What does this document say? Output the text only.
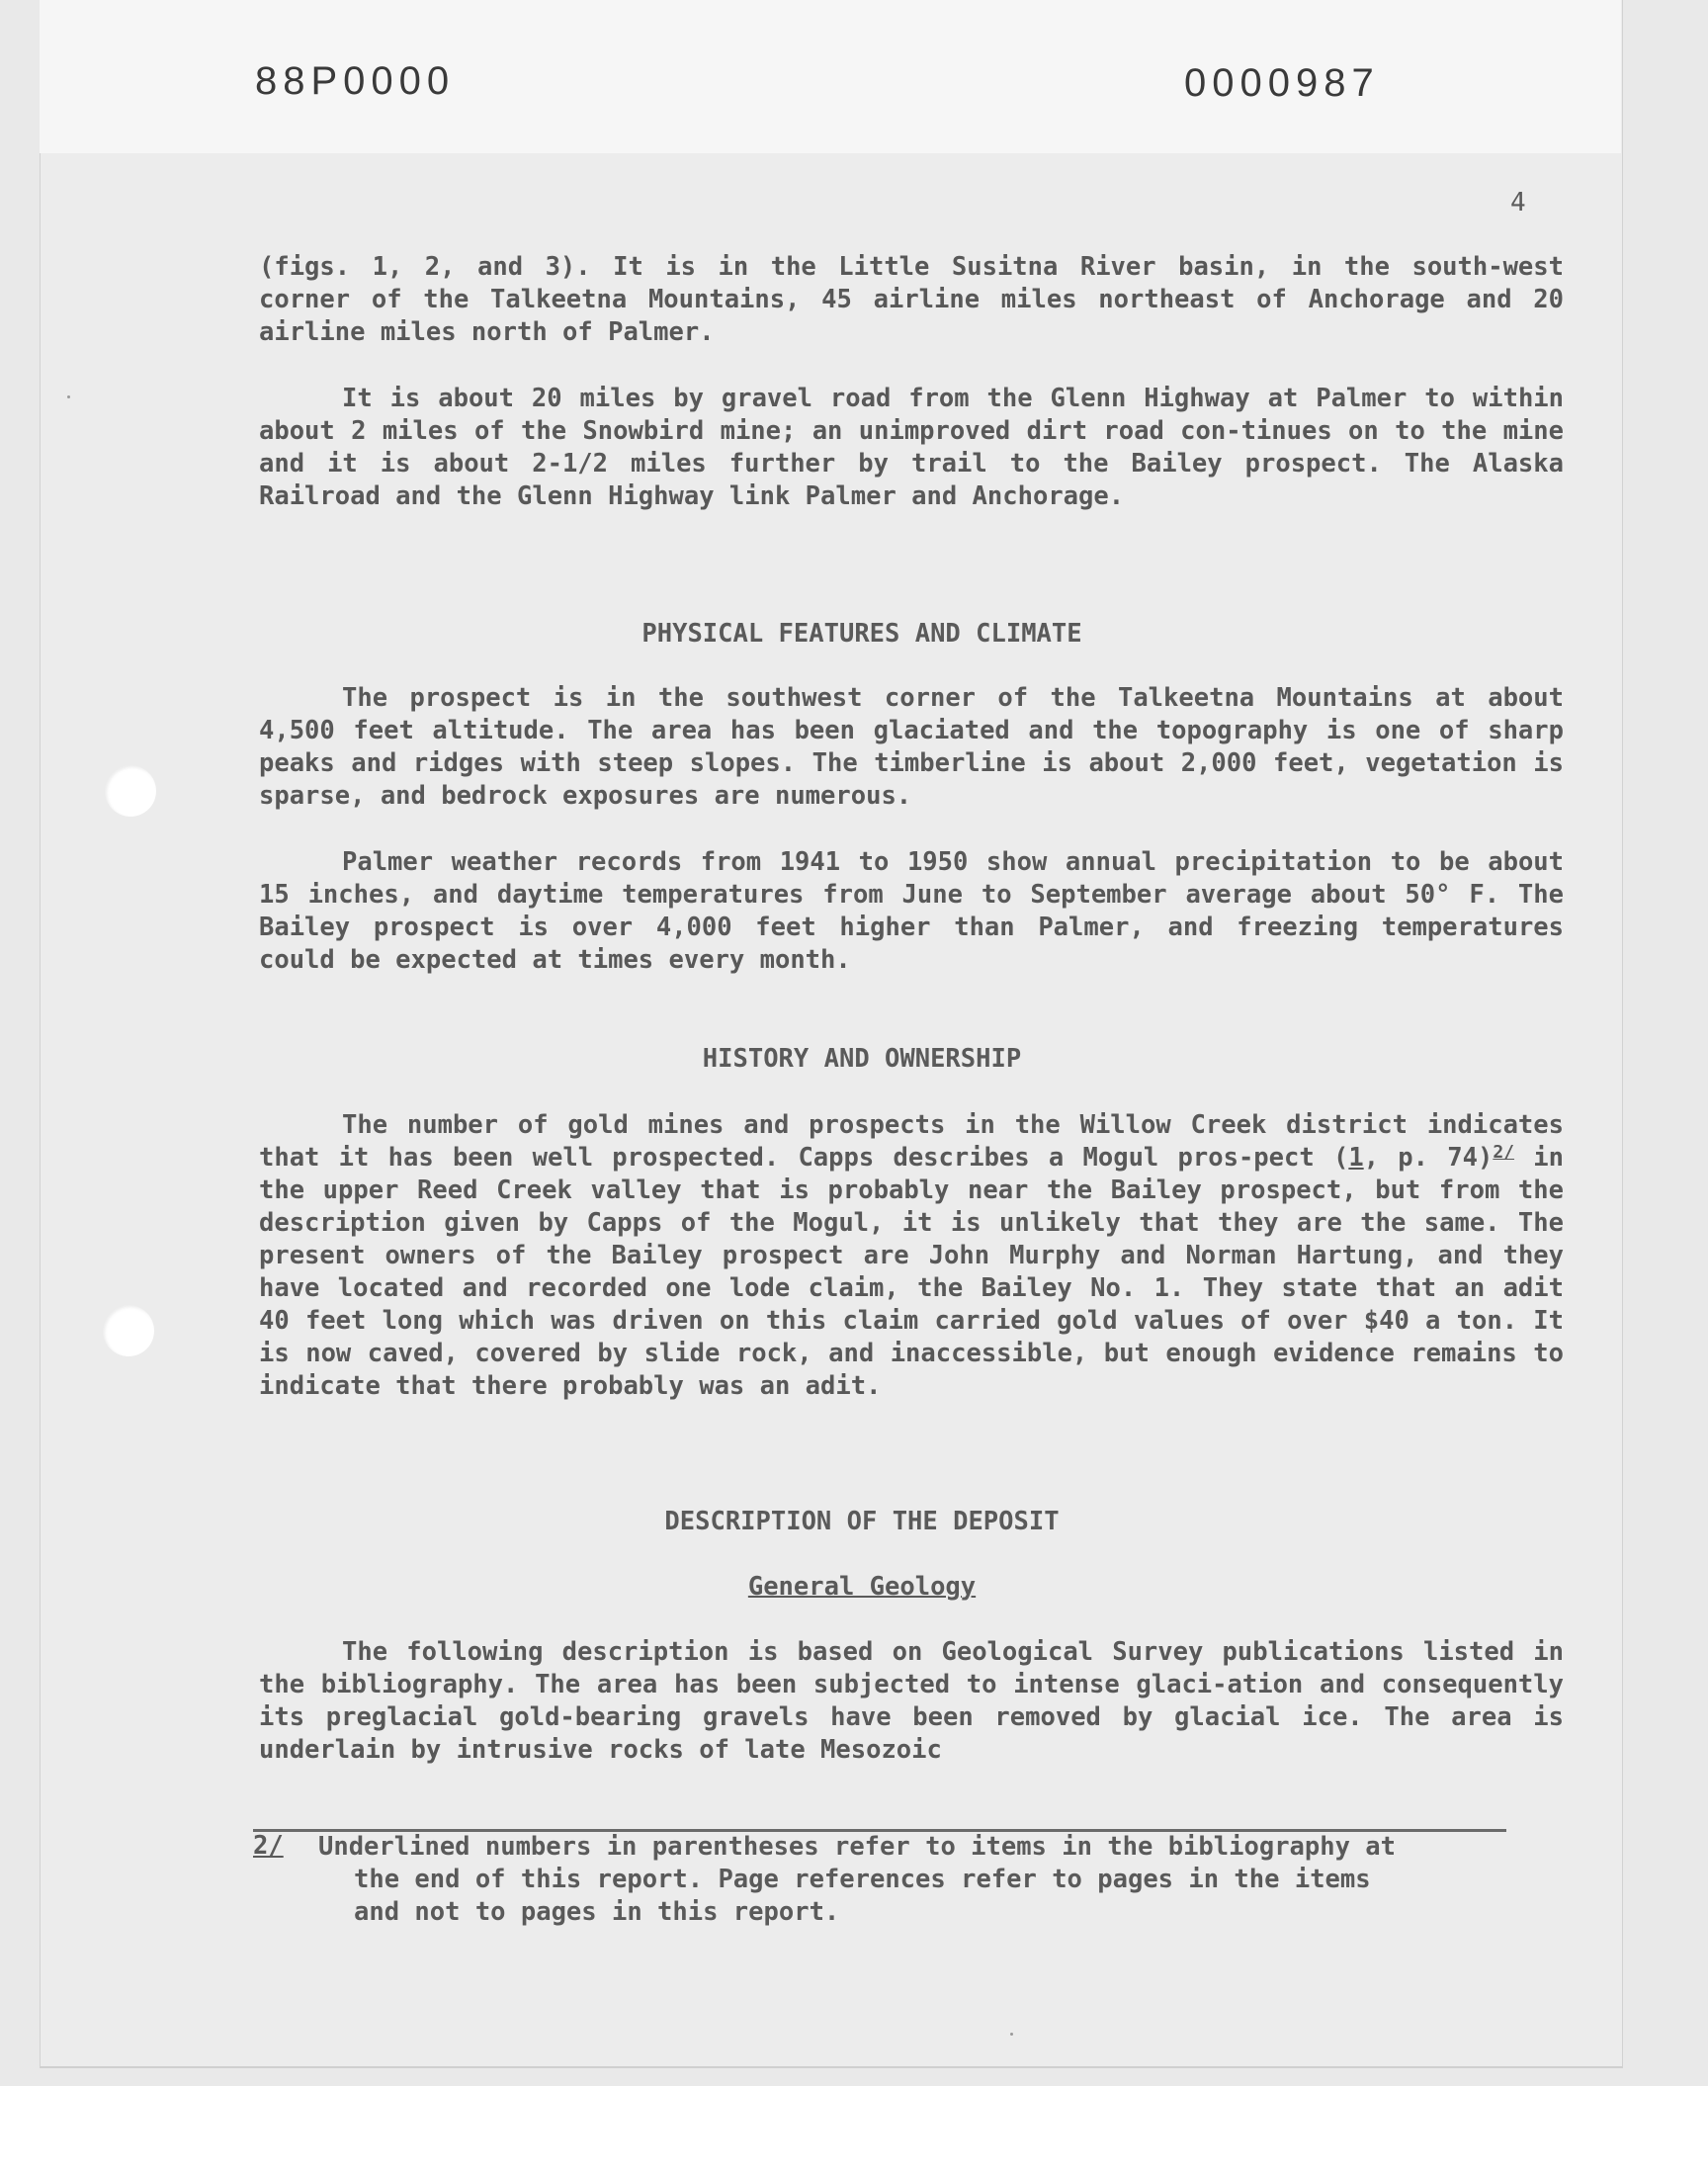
88P0000	0000987
4

(figs. 1, 2, and 3). It is in the Little Susitna River basin, in the south-west corner of the Talkeetna Mountains, 45 airline miles northeast of Anchorage and 20 airline miles north of Palmer.

It is about 20 miles by gravel road from the Glenn Highway at Palmer to within about 2 miles of the Snowbird mine; an unimproved dirt road con-tinues on to the mine and it is about 2-1/2 miles further by trail to the Bailey prospect. The Alaska Railroad and the Glenn Highway link Palmer and Anchorage.

PHYSICAL FEATURES AND CLIMATE

The prospect is in the southwest corner of the Talkeetna Mountains at about 4,500 feet altitude. The area has been glaciated and the topography is one of sharp peaks and ridges with steep slopes. The timberline is about 2,000 feet, vegetation is sparse, and bedrock exposures are numerous.

Palmer weather records from 1941 to 1950 show annual precipitation to be about 15 inches, and daytime temperatures from June to September average about 50° F. The Bailey prospect is over 4,000 feet higher than Palmer, and freezing temperatures could be expected at times every month.

HISTORY AND OWNERSHIP

The number of gold mines and prospects in the Willow Creek district indicates that it has been well prospected. Capps describes a Mogul pros-pect (1, p. 74)$^{2/}$ in the upper Reed Creek valley that is probably near the Bailey prospect, but from the description given by Capps of the Mogul, it is unlikely that they are the same. The present owners of the Bailey prospect are John Murphy and Norman Hartung, and they have located and recorded one lode claim, the Bailey No. 1. They state that an adit 40 feet long which was driven on this claim carried gold values of over $40 a ton. It is now caved, covered by slide rock, and inaccessible, but enough evidence remains to indicate that there probably was an adit.

DESCRIPTION OF THE DEPOSIT
General Geology

The following description is based on Geological Survey publications listed in the bibliography. The area has been subjected to intense glaci-ation and consequently its preglacial gold-bearing gravels have been removed by glacial ice. The area is underlain by intrusive rocks of late Mesozoic

2/ Underlined numbers in parentheses refer to items in the bibliography at
the end of this report. Page references refer to pages in the items
and not to pages in this report.
